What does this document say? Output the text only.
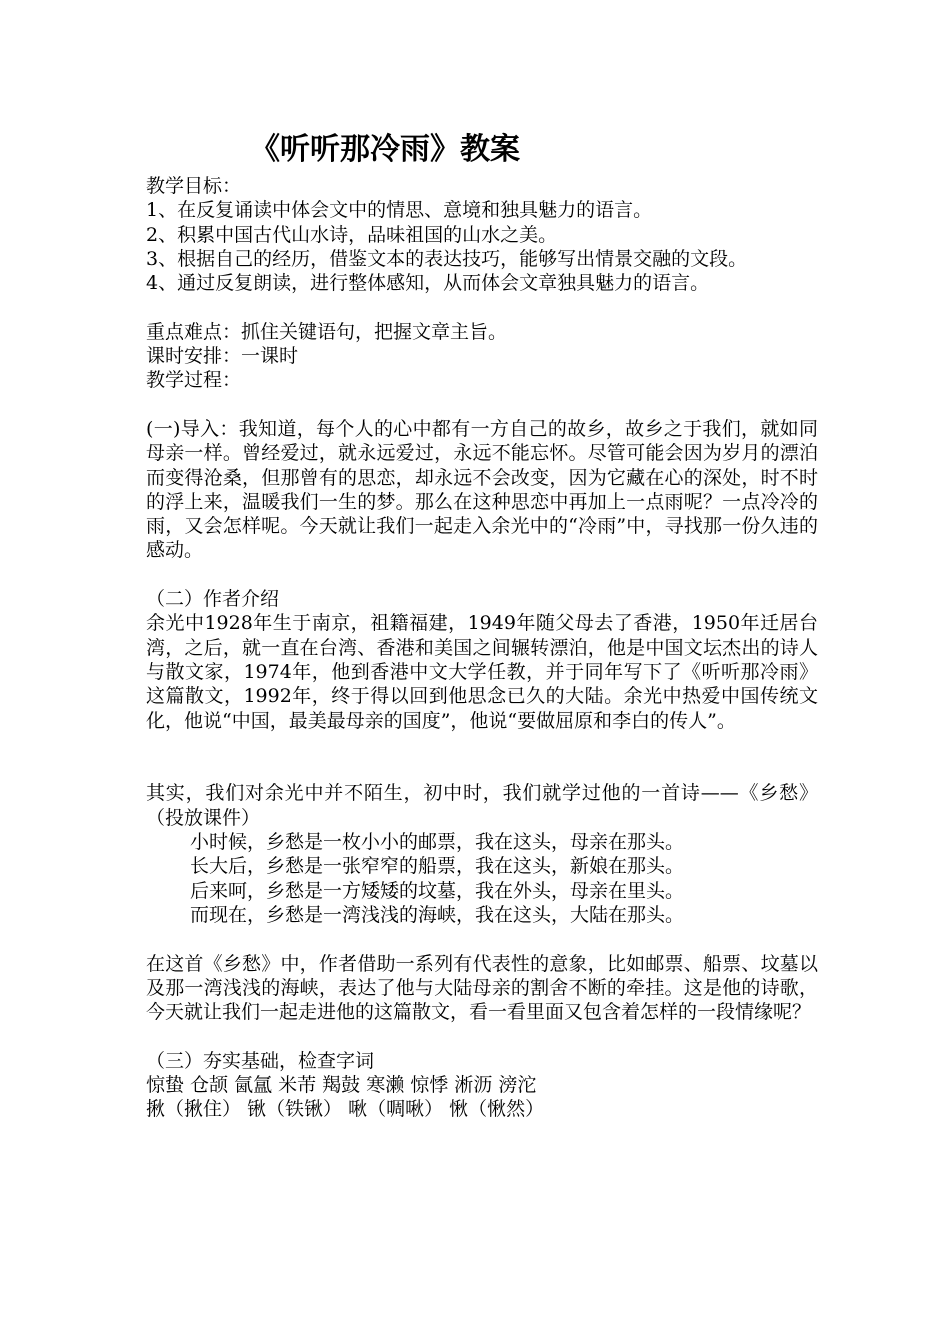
《听听那冷雨》教案
教学目标：
1、在反复诵读中体会文中的情思、意境和独具魅力的语言。
2、积累中国古代山水诗，品味祖国的山水之美。
3、根据自己的经历，借鉴文本的表达技巧，能够写出情景交融的文段。
4、通过反复朗读，进行整体感知，从而体会文章独具魅力的语言。
重点难点：抓住关键语句，把握文章主旨。
课时安排：一课时
教学过程：
(一)导入：我知道，每个人的心中都有一方自己的故乡，故乡之于我们，就如同母亲一样。曾经爱过，就永远爱过，永远不能忘怀。尽管可能会因为岁月的漂泊而变得沧桑，但那曾有的思恋，却永远不会改变，因为它藏在心的深处，时不时的浮上来，温暖我们一生的梦。那么在这种思恋中再加上一点雨呢？一点冷冷的雨，又会怎样呢。今天就让我们一起走入余光中的“冷雨”中，寻找那一份久违的感动。
（二）作者介绍
余光中1928年生于南京，祖籍福建，1949年随父母去了香港，1950年迁居台湾，之后，就一直在台湾、香港和美国之间辗转漂泊，他是中国文坛杰出的诗人与散文家，1974年，他到香港中文大学任教，并于同年写下了《听听那冷雨》这篇散文，1992年，终于得以回到他思念已久的大陆。余光中热爱中国传统文化，他说“中国，最美最母亲的国度”，他说“要做屈原和李白的传人”。
其实，我们对余光中并不陌生，初中时，我们就学过他的一首诗——《乡愁》（投放课件）
小时候，乡愁是一枚小小的邮票，我在这头，母亲在那头。
长大后，乡愁是一张窄窄的船票，我在这头，新娘在那头。
后来呵，乡愁是一方矮矮的坟墓，我在外头，母亲在里头。
而现在，乡愁是一湾浅浅的海峡，我在这头，大陆在那头。
在这首《乡愁》中，作者借助一系列有代表性的意象，比如邮票、船票、坟墓以及那一湾浅浅的海峡，表达了他与大陆母亲的割舍不断的牵挂。这是他的诗歌，今天就让我们一起走进他的这篇散文，看一看里面又包含着怎样的一段情缘呢？
（三）夯实基础，检查字词
惊蛰 仓颉 氤氲 米芾 羯鼓 寒濑 惊悸 淅沥 滂沱
揪（揪住） 锹（铁锹） 啾（啁啾） 愀（愀然）
